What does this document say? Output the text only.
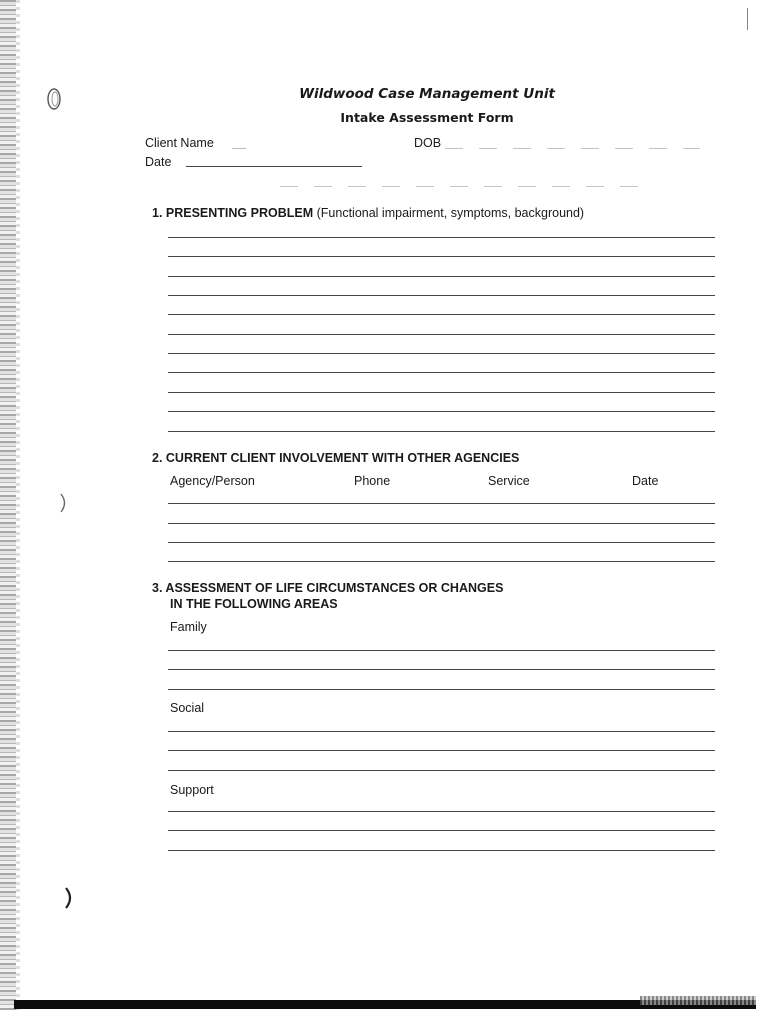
Wildwood Case Management Unit
Intake Assessment Form
Client Name	DOB
Date
1. PRESENTING PROBLEM (Functional impairment, symptoms, background)
2. CURRENT CLIENT INVOLVEMENT WITH OTHER AGENCIES
Agency/Person	Phone	Service	Date
3. ASSESSMENT OF LIFE CIRCUMSTANCES OR CHANGES
IN THE FOLLOWING AREAS
Family
Social
Support
